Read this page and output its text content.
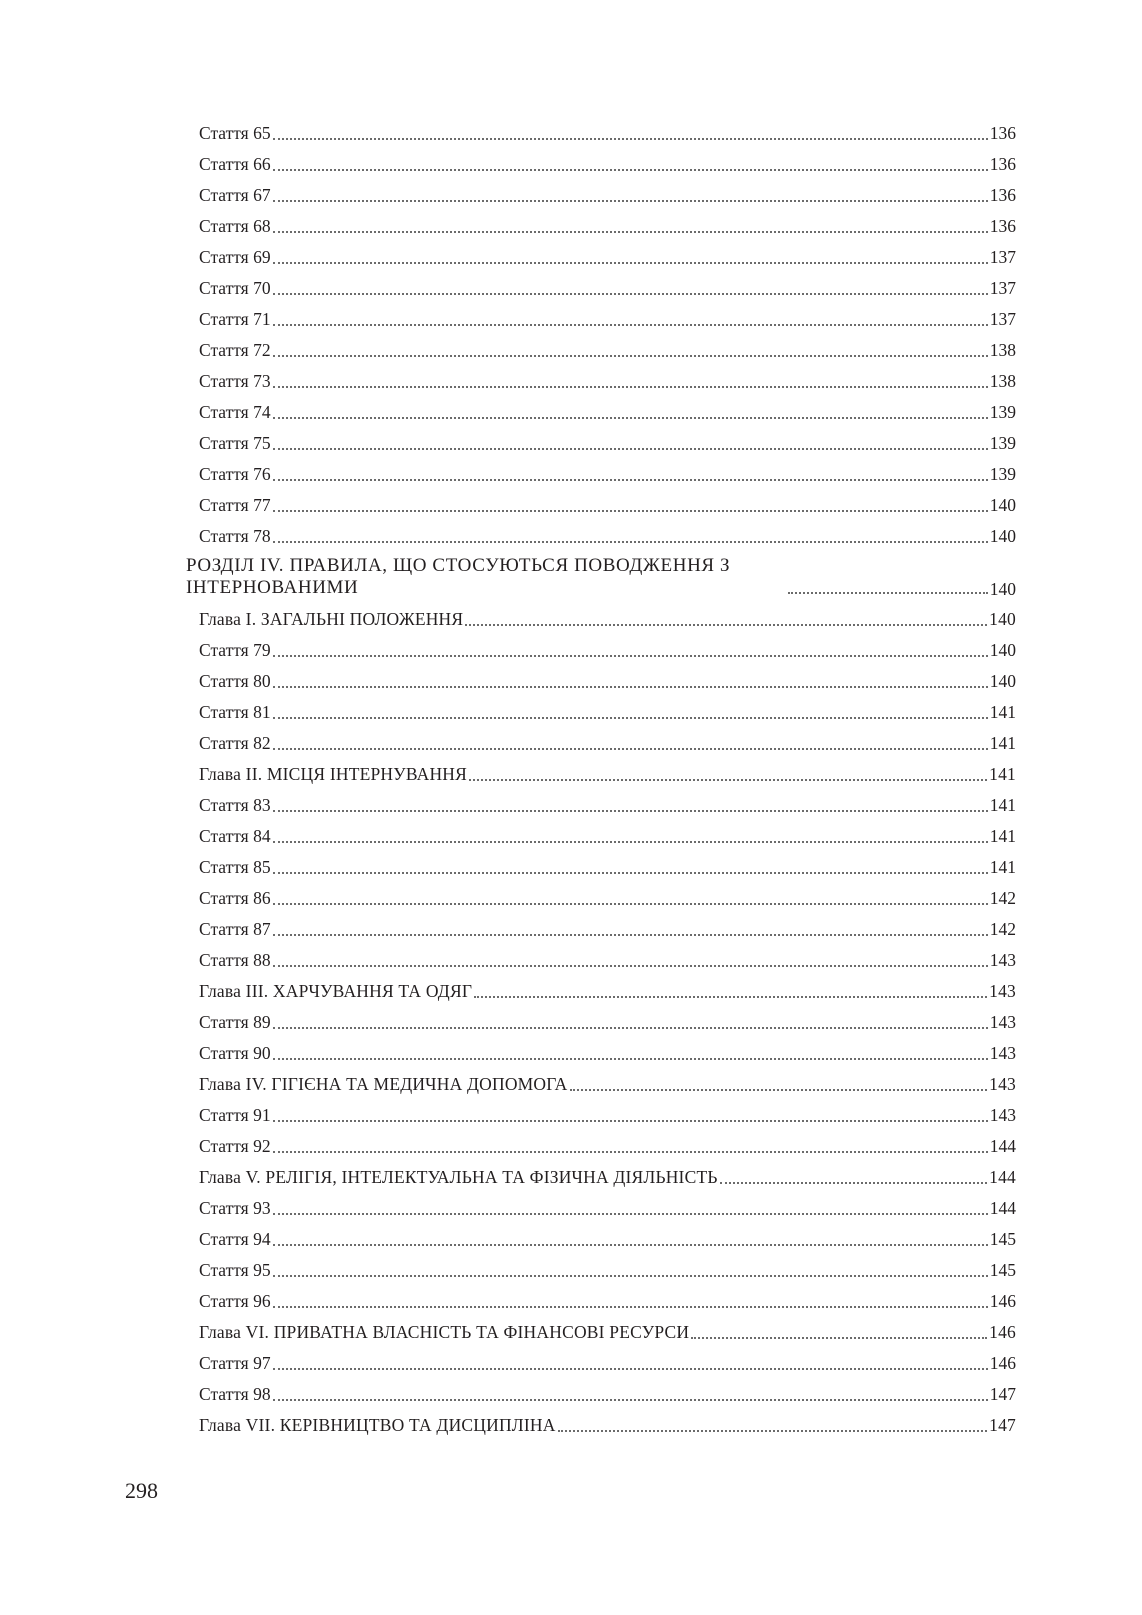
Стаття 65	136
Стаття 66	136
Стаття 67	136
Стаття 68	136
Стаття 69	137
Стаття 70	137
Стаття 71	137
Стаття 72	138
Стаття 73	138
Стаття 74	139
Стаття 75	139
Стаття 76	139
Стаття 77	140
Стаття 78	140
РОЗДІЛ IV. ПРАВИЛА, ЩО СТОСУЮТЬСЯ ПОВОДЖЕННЯ З ІНТЕРНОВАНИМИ	140
Глава I. ЗАГАЛЬНІ ПОЛОЖЕННЯ	140
Стаття 79	140
Стаття 80	140
Стаття 81	141
Стаття 82	141
Глава II. МІСЦЯ ІНТЕРНУВАННЯ	141
Стаття 83	141
Стаття 84	141
Стаття 85	141
Стаття 86	142
Стаття 87	142
Стаття 88	143
Глава III. ХАРЧУВАННЯ ТА ОДЯГ	143
Стаття 89	143
Стаття 90	143
Глава IV. ГІГІЄНА ТА МЕДИЧНА ДОПОМОГА	143
Стаття 91	143
Стаття 92	144
Глава V. РЕЛІГІЯ, ІНТЕЛЕКТУАЛЬНА ТА ФІЗИЧНА ДІЯЛЬНІСТЬ	144
Стаття 93	144
Стаття 94	145
Стаття 95	145
Стаття 96	146
Глава VI. ПРИВАТНА ВЛАСНІСТЬ ТА ФІНАНСОВІ РЕСУРСИ	146
Стаття 97	146
Стаття 98	147
Глава VII. КЕРІВНИЦТВО ТА ДИСЦИПЛІНА	147
298
